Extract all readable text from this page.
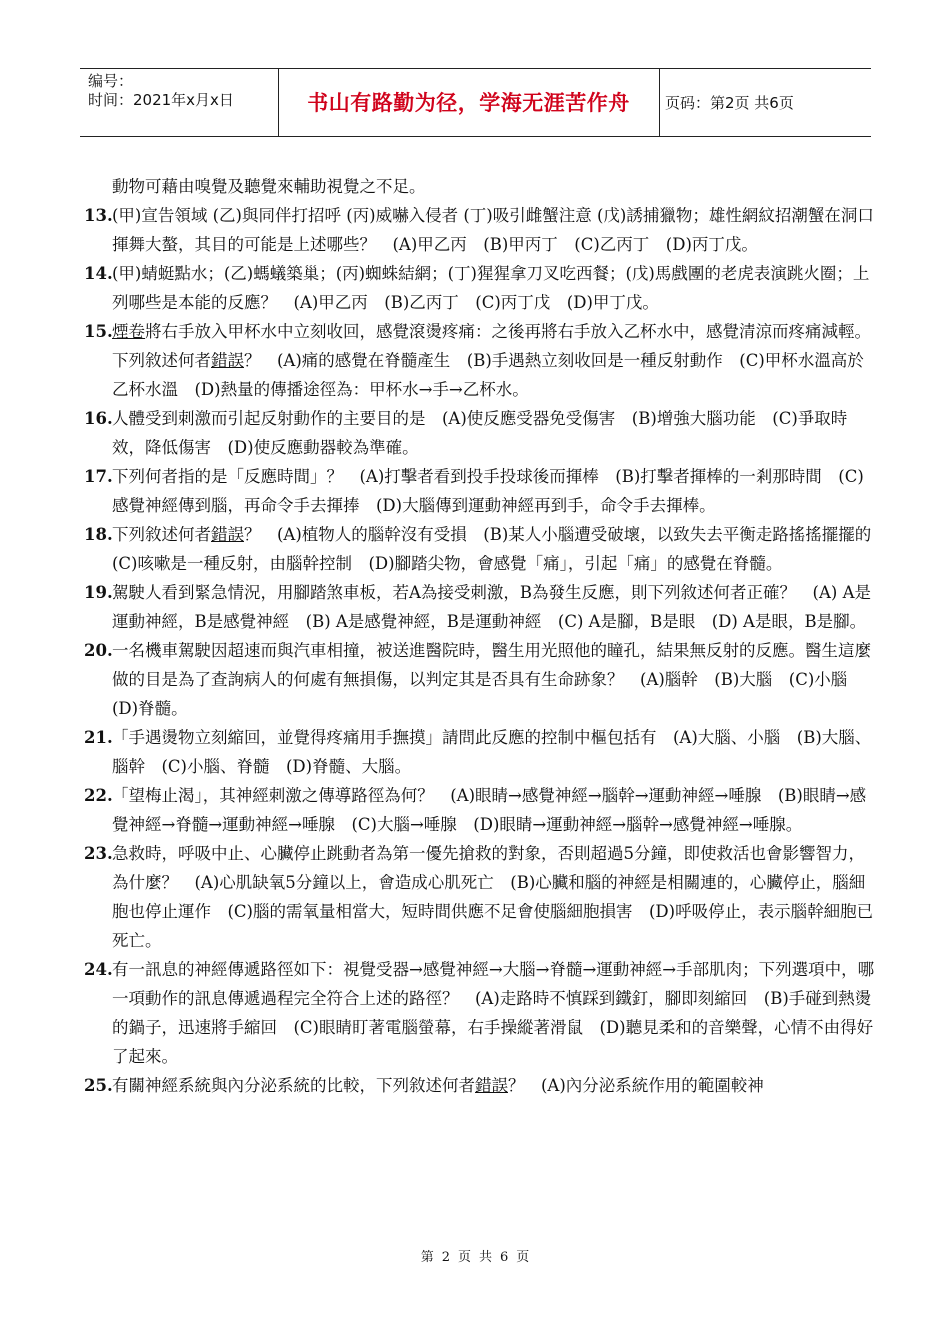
编号：
时间：2021年x月x日	书山有路勤为径，学海无涯苦作舟	页码：第2页 共6页
動物可藉由嗅覺及聽覺來輔助視覺之不足。
13. (甲)宣告領域 (乙)與同伴打招呼 (丙)威嚇入侵者 (丁)吸引雌蟹注意 (戊)誘捕獵物；雄性網紋招潮蟹在洞口揮舞大螯，其目的可能是上述哪些？　(A)甲乙丙　(B)甲丙丁　(C)乙丙丁　(D)丙丁戊。
14. (甲)蜻蜓點水；(乙)螞蟻築巢；(丙)蜘蛛結網；(丁)猩猩拿刀叉吃西餐；(戊)馬戲團的老虎表演跳火圈；上列哪些是本能的反應？　(A)甲乙丙　(B)乙丙丁　(C)丙丁戊　(D)甲丁戊。
15. 煙卷將右手放入甲杯水中立刻收回，感覺滾燙疼痛：之後再將右手放入乙杯水中，感覺清涼而疼痛減輕。下列敘述何者錯誤？　(A)痛的感覺在脊髓產生　(B)手遇熱立刻收回是一種反射動作　(C)甲杯水溫高於乙杯水溫　(D)熱量的傳播途徑為：甲杯水→手→乙杯水。
16. 人體受到刺激而引起反射動作的主要目的是　(A)使反應受器免受傷害　(B)增強大腦功能　(C)爭取時效，降低傷害　(D)使反應動器較為準確。
17. 下列何者指的是「反應時間」？　(A)打擊者看到投手投球後而揮棒　(B)打擊者揮棒的一剎那時間　(C)感覺神經傳到腦，再命令手去揮捧　(D)大腦傳到運動神經再到手，命令手去揮棒。
18. 下列敘述何者錯誤？　(A)植物人的腦幹沒有受損　(B)某人小腦遭受破壞，以致失去平衡走路搖搖擺擺的　(C)咳嗽是一種反射，由腦幹控制　(D)腳踏尖物，會感覺「痛」，引起「痛」的感覺在脊髓。
19. 駕駛人看到緊急情況，用腳踏煞車板，若A為接受刺激，B為發生反應，則下列敘述何者正確？　(A) A是運動神經，B是感覺神經　(B) A是感覺神經，B是運動神經　(C) A是腳，B是眼　(D) A是眼，B是腳。
20. 一名機車駕駛因超速而與汽車相撞，被送進醫院時，醫生用光照他的瞳孔，結果無反射的反應。醫生這麼做的目是為了查詢病人的何處有無損傷，以判定其是否具有生命跡象？　(A)腦幹　(B)大腦　(C)小腦　(D)脊髓。
21. 「手遇燙物立刻縮回，並覺得疼痛用手撫摸」請問此反應的控制中樞包括有　(A)大腦、小腦　(B)大腦、腦幹　(C)小腦、脊髓　(D)脊髓、大腦。
22. 「望梅止渴」，其神經刺激之傳導路徑為何？　(A)眼睛→感覺神經→腦幹→運動神經→唾腺　(B)眼睛→感覺神經→脊髓→運動神經→唾腺　(C)大腦→唾腺　(D)眼睛→運動神經→腦幹→感覺神經→唾腺。
23. 急救時，呼吸中止、心臟停止跳動者為第一優先搶救的對象，否則超過5分鐘，即使救活也會影響智力，為什麼？　(A)心肌缺氧5分鐘以上，會造成心肌死亡　(B)心臟和腦的神經是相關連的，心臟停止，腦細胞也停止運作　(C)腦的需氧量相當大，短時間供應不足會使腦細胞損害　(D)呼吸停止，表示腦幹細胞已死亡。
24. 有一訊息的神經傳遞路徑如下：視覺受器→感覺神經→大腦→脊髓→運動神經→手部肌肉；下列選項中，哪一項動作的訊息傳遞過程完全符合上述的路徑？　(A)走路時不慎踩到鐵釘，腳即刻縮回　(B)手碰到熱燙的鍋子，迅速將手縮回　(C)眼睛盯著電腦螢幕，右手操縱著滑鼠　(D)聽見柔和的音樂聲，心情不由得好了起來。
25. 有關神經系統與內分泌系統的比較，下列敘述何者錯誤？　(A)內分泌系統作用的範圍較神
第 2 页 共 6 页
